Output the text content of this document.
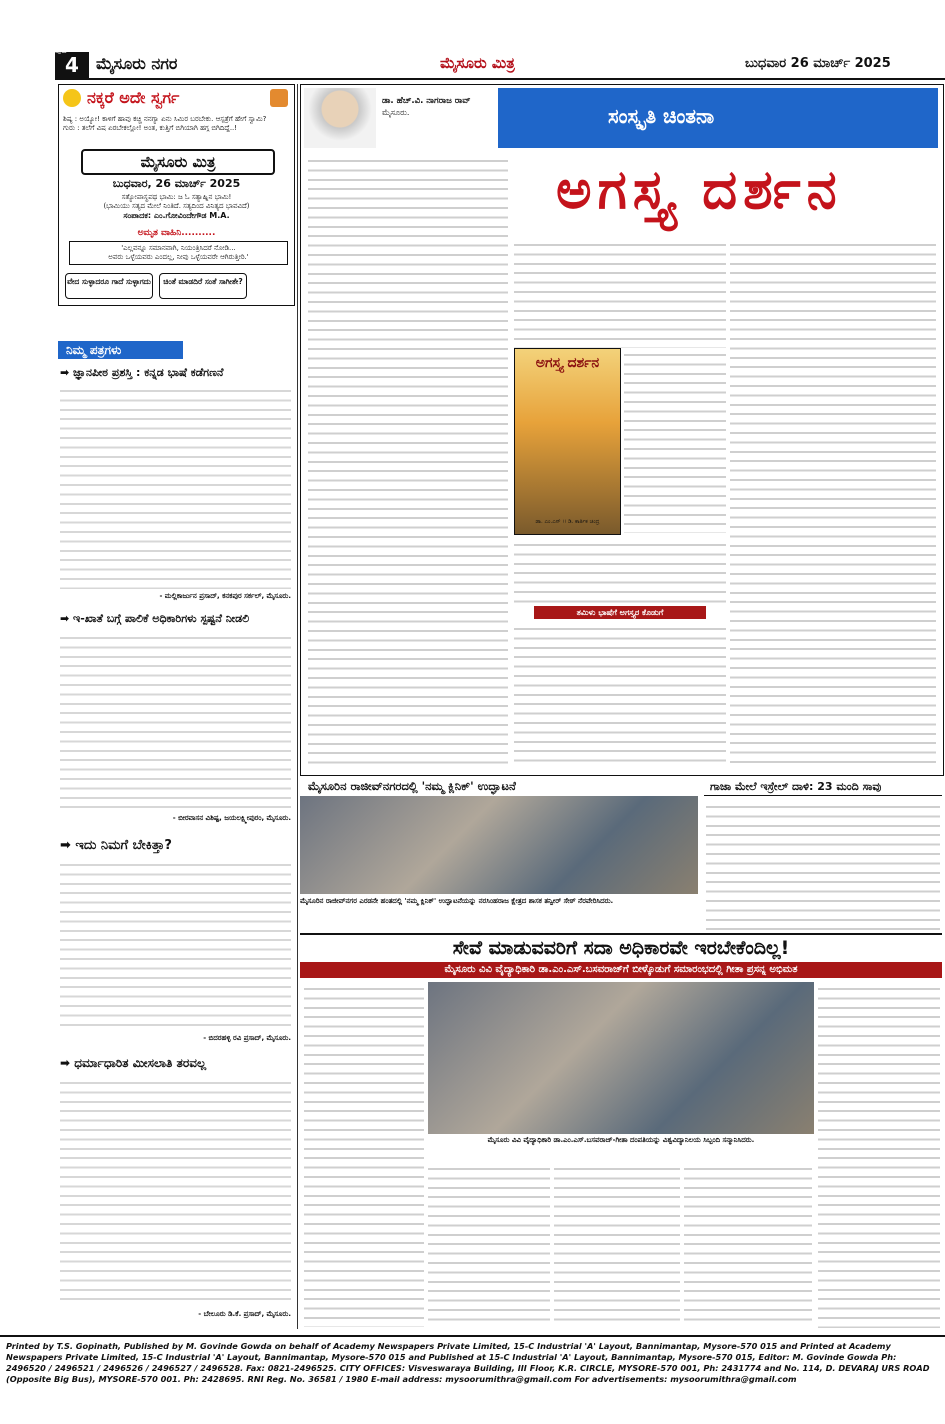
4
ಪುಟ
ಮೈಸೂರು ನಗರ	ಮೈಸೂರು ಮಿತ್ರ	ಬುಧವಾರ 26 ಮಾರ್ಚ್ 2025
ನಕ್ಕರೆ ಅದೇ ಸ್ವರ್ಗ
ಶಿಷ್ಯ : ಅಯ್ಯೋ! ಕಾಳಿಗೆ ಹಾವು ಕಚ್ಚಿ ನನಗ್ಯಾ ಏನು ಸಿಮಿರ ಬರಬೇಕು. ಆಸ್ಪತ್ರೆಗೆ ಹೇಗೆ ಸ್ವಾಮಿ?
ಗುರು : ತಲೆಗೆ ವಿಷ ಏರಬೇಕಲ್ಲೋ! ಅಂತ, ಕುತ್ತಿಗೆ ಬಿಗಿಯಾಗಿ ಹಗ್ಗ ಬಿಗಿದಿದ್ದೆ..!
ಮೈಸೂರು ಮಿತ್ರ
ಬುಧವಾರ, 26 ಮಾರ್ಚ್ 2025
ಸತ್ಯೋಪಾಸ್ಥಪಥ ಭಾಮಿ: ಜ ಓ ಸತ್ಯಾಹ್ನಿನ ಭಾಮಿ!
(ಭಾಮಿಯು ಸತ್ಯದ ಮೇಲೆ ನಿಂತಿದೆ. ಸತ್ಯದಿಂದ ವಿನಿತ್ಯದ ಭಾವವಿದೆ)
ಸಂಪಾದಕ: ಎಂ.ಗೋವಿಂದೇಗೌಡ M.A.
ಅಮೃತ ವಾಹಿನಿ..........
'ಎಲ್ಲವನ್ನೂ ಸಮಾನವಾಗಿ, ನಿಯಂತ್ರಿಸಿದರೆ ನೋಡಿ...
ಅವರು ಒಳ್ಳೆಯವರು ಎಂದಲ್ಲ, ನೀವು ಒಳ್ಳೆಯವರೇ ಆಗಿರುತ್ತೀರಿ.'
ವೇದ ಸುಳ್ಳಾದರೂ ಗಾದೆ ಸುಳ್ಳಾಗದು	ಚಿಂತೆ ಮಾಡದಿರೆ ಸಂತೆ ಸಾಗೀತೇ?
ನಿಮ್ಮ ಪತ್ರಗಳು
➡ ಜ್ಞಾನಪೀಠ ಪ್ರಶಸ್ತಿ : ಕನ್ನಡ ಭಾಷೆ ಕಡೆಗಣನೆ
- ಮಲ್ಲಿಕಾರ್ಜುನ ಪ್ರಸಾದ್, ಕನಕಪುರ ಸರ್ಕಲ್, ಮೈಸೂರು.
➡ ಇ-ಖಾತೆ ಬಗ್ಗೆ ಪಾಲಿಕೆ ಅಧಿಕಾರಿಗಳು ಸ್ಪಷ್ಟನೆ ನೀಡಲಿ
- ಬೀರವಾಸನ ವಿಶಿಷ್ಟ, ಜಯಲಕ್ಷ್ಮೀಪುರಂ, ಮೈಸೂರು.
➡ ಇದು ನಿಮಗೆ ಬೇಕಿತ್ತಾ?
- ಬಿದರಹಳ್ಳಿ ರವಿ ಪ್ರಸಾದ್, ಮೈಸೂರು.
➡ ಧರ್ಮಾಧಾರಿತ ಮೀಸಲಾತಿ ತರವಲ್ಲ
- ಬೇಲೂರು ಡಿ.ಕೆ. ಪ್ರಸಾದ್, ಮೈಸೂರು.
ಡಾ. ಹೆಚ್.ವಿ. ನಾಗರಾಜ ರಾವ್
ಮೈಸೂರು.	ಸಂಸ್ಕೃತಿ ಚಿಂತನಾ
ಅಗಸ್ತ್ಯ ದರ್ಶನ
ಅಗಸ್ತ್ಯ ದರ್ಶನ
ಡಾ. ಎಂ.ಎಸ್ ।। ಡಿ. ಕಾರ್ತಿಕ ಚಂದ್ರ
ತಮಿಳು ಭಾಷೆಗೆ ಅಗಸ್ತ್ಯರ ಕೊಡುಗೆ
ಮೈಸೂರಿನ ರಾಜೀವ್‌ನಗರದಲ್ಲಿ 'ನಮ್ಮ ಕ್ಲಿನಿಕ್' ಉದ್ಘಾಟನೆ
ಮೈಸೂರಿನ ರಾಜೀವ್‌ನಗರ ಎರಡನೇ ಹಂತದಲ್ಲಿ 'ನಮ್ಮ ಕ್ಲಿನಿಕ್' ಉದ್ಘಾಟನೆಯನ್ನು ನರಸಿಂಹರಾಜ ಕ್ಷೇತ್ರದ ಶಾಸಕ ತನ್ವೀರ್ ಸೇಠ್ ನೆರವೇರಿಸಿದರು.
ಗಾಜಾ ಮೇಲೆ ಇಸ್ರೇಲ್ ದಾಳಿ: 23 ಮಂದಿ ಸಾವು
ಸೇವೆ ಮಾಡುವವರಿಗೆ ಸದಾ ಅಧಿಕಾರವೇ ಇರಬೇಕೆಂದಿಲ್ಲ!
ಮೈಸೂರು ವಿವಿ ವೈದ್ಯಾಧಿಕಾರಿ ಡಾ.ಎಂ.ಎಸ್.ಬಸವರಾಜ್‌ಗೆ ಬೀಳ್ಕೊಡುಗೆ ಸಮಾರಂಭದಲ್ಲಿ ಗೀತಾ ಪ್ರಸನ್ನ ಅಭಿಮತ
ಮೈಸೂರು ವಿವಿ ವೈದ್ಯಾಧಿಕಾರಿ ಡಾ.ಎಂ.ಎಸ್.ಬಸವರಾಜ್-ಗೀತಾ ದಂಪತಿಯನ್ನು ವಿಶ್ವವಿದ್ಯಾನಿಲಯ ಸಿಬ್ಬಂದಿ ಸನ್ಮಾನಿಸಿದರು.
Printed by T.S. Gopinath, Published by M. Govinde Gowda on behalf of Academy Newspapers Private Limited, 15-C Industrial 'A' Layout, Bannimantap, Mysore-570 015 and Printed at Academy Newspapers Private Limited, 15-C Industrial 'A' Layout, Bannimantap, Mysore-570 015 and Published at 15-C Industrial 'A' Layout, Bannimantap, Mysore-570 015, Editor: M. Govinde Gowda Ph: 2496520 / 2496521 / 2496526 / 2496527 / 2496528. Fax: 0821-2496525. CITY OFFICES: Visveswaraya Building, III Floor, K.R. CIRCLE, MYSORE-570 001, Ph: 2431774 and No. 114, D. DEVARAJ URS ROAD (Opposite Big Bus), MYSORE-570 001. Ph: 2428695. RNI Reg. No. 36581 / 1980 E-mail address: mysoorumithra@gmail.com For advertisements: mysoorumithra@gmail.com
